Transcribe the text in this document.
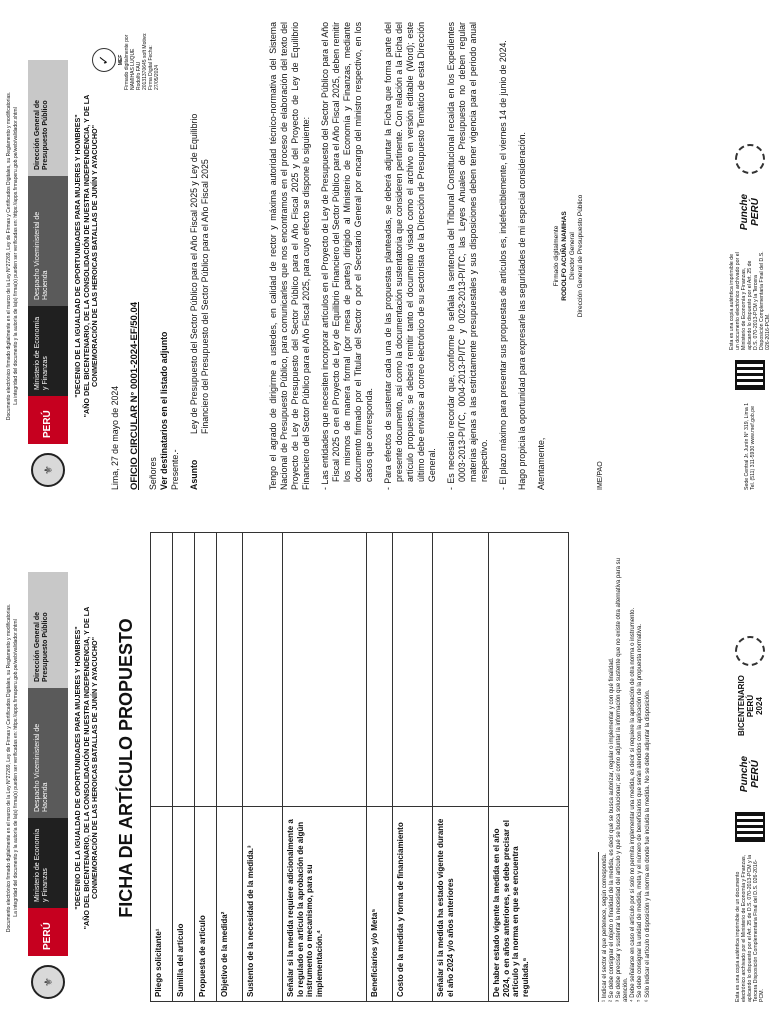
Documento electrónico firmado digitalmente en el marco de la Ley N°27269, Ley de Firmas y Certificados Digitales, su Reglamento y modificatorias. La integridad del documento y la autoría de la(s) firma(s) pueden ser verificadas en: https://apps.firmaperu.gob.pe/web/validador.xhtml
⚜
PERÚ
Ministerio de Economía y Finanzas
Despacho Viceministerial de Hacienda
Dirección General de Presupuesto Público	"DECENIO DE LA IGUALDAD DE OPORTUNIDADES PARA MUJERES Y HOMBRES" "AÑO DEL BICENTENARIO, DE LA CONSOLIDACIÓN DE NUESTRA INDEPENDENCIA, Y DE LA CONMEMORACIÓN DE LAS HEROICAS BATALLAS DE JUNÍN Y AYACUCHO" FICHA DE ARTÍCULO PROPUESTO
Pliego solicitante¹	
Sumilla del artículo	
Propuesta de artículo	
Objetivo de la medida²	
Sustento de la necesidad de la medida.³	
Señalar si la medida requiere adicionalmente a lo regulado en artículo la aprobación de algún instrumento o mecanismo, para su implementación.⁴	
Beneficiarios y/o Meta⁵	
Costo de la medida y forma de financiamiento	
Señalar si la medida ha estado vigente durante el año 2024 y/o años anteriores	
De haber estado vigente la medida en el año 2024, o en años anteriores, se debe precisar el artículo y la norma en que se encuentra regulada.⁶		¹ Indicar el sector al que pertenece, según corresponda. ² Se debe consignar el objeto o finalidad de la medida, es decir qué se busca autorizar, regular o implementar y con qué finalidad. ³ Se debe precisar y sustentar la necesidad del artículo y qué se busca solucionar; así como adjuntar la información que sustente que no existe otra alternativa para su atención. ⁴ Debe señalarse en caso el artículo por sí solo no permita implementar una medida, es decir si requiere la aprobación de otra norma o instrumento. ⁵ Se debe consignar la unidad de medida, meta y el número de beneficiarios que serán atendidos con la aplicación de la propuesta normativa. ⁶ Sólo indicar el artículo o disposición y la norma en donde fue incluida la medida. No se debe adjuntar la disposición.	Esta es una copia auténtica imprimible de un documento electrónico archivado por el Ministerio de Economía y Finanzas, aplicando lo dispuesto por el Art. 25 de D.S. 070-2013-PCM y la Tercera Disposición Complementaria Final del D.S. 026-2016-PCM.
Punche PERÚ
BICENTENARIO PERÚ 2024
Documento electrónico firmado digitalmente en el marco de la Ley N°27269, Ley de Firmas y Certificados Digitales, su Reglamento y modificatorias. La integridad del documento y la autoría de la(s) firma(s) pueden ser verificadas en: https://apps.firmaperu.gob.pe/web/validador.xhtml
⚜
PERÚ
Ministerio de Economía y Finanzas
Despacho Viceministerial de Hacienda
Dirección General de Presupuesto Público	"DECENIO DE LA IGUALDAD DE OPORTUNIDADES PARA MUJERES Y HOMBRES" "AÑO DEL BICENTENARIO, DE LA CONSOLIDACIÓN DE NUESTRA INDEPENDENCIA, Y DE LA CONMEMORACIÓN DE LAS HEROICAS BATALLAS DE JUNÍN Y AYACUCHO"
✓	MEF Firmado digitalmente por NAMIHAS LUQUE Rodolfo FAU 20131370645 soft Motivo: Firma Digital Fecha: 27/05/2024

Lima, 27 de mayo de 2024 OFICIO CIRCULAR N° 0001-2024-EF/50.04 Señores Ver destinatarios en el listado adjunto Presente.- Asunto
Ley de Presupuesto del Sector Público para el Año Fiscal 2025 y Ley de Equilibrio Financiero del Presupuesto del Sector Público para el Año Fiscal 2025	Tengo el agrado de dirigirme a ustedes, en calidad de rector y máxima autoridad técnico-normativa del Sistema Nacional de Presupuesto Público, para comunicarles que nos encontramos en el proceso de elaboración del texto del Proyecto de Ley de Presupuesto del Sector Público para el Año Fiscal 2025 y del Proyecto de Ley de Equilibrio Financiero del Sector Público para el Año Fiscal 2025, para cuyo efecto se dispone lo siguiente: - Las entidades que necesiten incorporar artículos en el Proyecto de Ley de Presupuesto del Sector Público para el Año Fiscal 2025 o en el Proyecto de Ley de Equilibrio Financiero del Sector Público para el Año Fiscal 2025, deben remitir los mismos de manera formal (por mesa de partes) dirigido al Ministerio de Economía y Finanzas, mediante documento firmado por el Titular del Sector o por el Secretario General por encargo del ministro respectivo, en los casos que corresponda. - Para efectos de sustentar cada una de las propuestas planteadas, se deberá adjuntar la Ficha que forma parte del presente documento, así como la documentación sustentatoria que consideren pertinente. Con relación a la Ficha del artículo propuesto, se deberá remitir tanto el documento visado como el archivo en versión editable (Word); este último debe enviarse al correo electrónico de su sectorista de la Dirección de Presupuesto Temático de esta Dirección General. - Es necesario recordar que, conforme lo señala la sentencia del Tribunal Constitucional recaída en los Expedientes 0003-2013-PI/TC, 0004-2013-PI/TC y 0023-2013-PI/TC, las Leyes Anuales de Presupuesto no deben regular materias ajenas a las estrictamente presupuestales y sus disposiciones deben tener vigencia para el periodo anual respectivo. - El plazo máximo para presentar sus propuestas de artículos es, indefectiblemente, el viernes 14 de junio de 2024. Hago propicia la oportunidad para expresarle las seguridades de mi especial consideración. Atentamente,
Firmado digitalmente RODOLFO ACUÑA NAMIHAS Director General Dirección General de Presupuesto Público
IME/PAO	Sede Central Jr. Junín N° 319, Lima 1 Tel. (511) 311-5930 www.mef.gob.pe
Esta es una copia auténtica imprimible de un documento electrónico archivado por el Ministerio de Economía y Finanzas, aplicando lo dispuesto por el Art. 25 de D.S. 070-2013-PCM y la Tercera Disposición Complementaria Final del D.S. 026-2016-PCM.
Punche PERÚ
